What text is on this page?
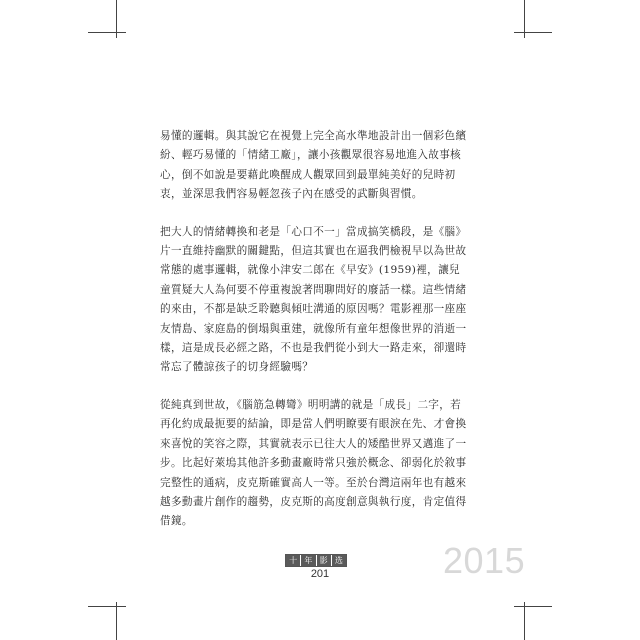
易懂的邏輯。與其說它在視覺上完全高水準地設計出一個彩色繽
紛、輕巧易懂的「情緒工廠」，讓小孩觀眾很容易地進入故事核
心，倒不如說是要藉此喚醒成人觀眾回到最單純美好的兒時初
衷，並深思我們容易輕忽孩子內在感受的武斷與習慣。

把大人的情緒轉換和老是「心口不一」當成搞笑橋段，是《腦》
片一直維持幽默的關鍵點，但這其實也在逼我們檢視早以為世故
常態的處事邏輯，就像小津安二郎在《早安》(1959)裡，讓兒
童質疑大人為何要不停重複說著問聊問好的廢話一樣。這些情緒
的來由，不都是缺乏聆聽與傾吐溝通的原因嗎？電影裡那一座座
友情島、家庭島的倒塌與重建，就像所有童年想像世界的消逝一
樣，這是成長必經之路，不也是我們從小到大一路走來，卻還時
常忘了體諒孩子的切身經驗嗎？

從純真到世故，《腦筋急轉彎》明明講的就是「成長」二字，若
再化約成最扼要的結論，即是當人們明瞭要有眼淚在先、才會換
來喜悅的笑容之際，其實就表示已往大人的矮酷世界又邁進了一
步。比起好萊塢其他許多動畫廠時常只強於概念、卻弱化於敘事
完整性的通病，皮克斯確實高人一等。至於台灣這兩年也有越來
越多動畫片創作的趨勢，皮克斯的高度創意與執行度，肯定值得
借鏡。

十 年 影 选
201	2015
